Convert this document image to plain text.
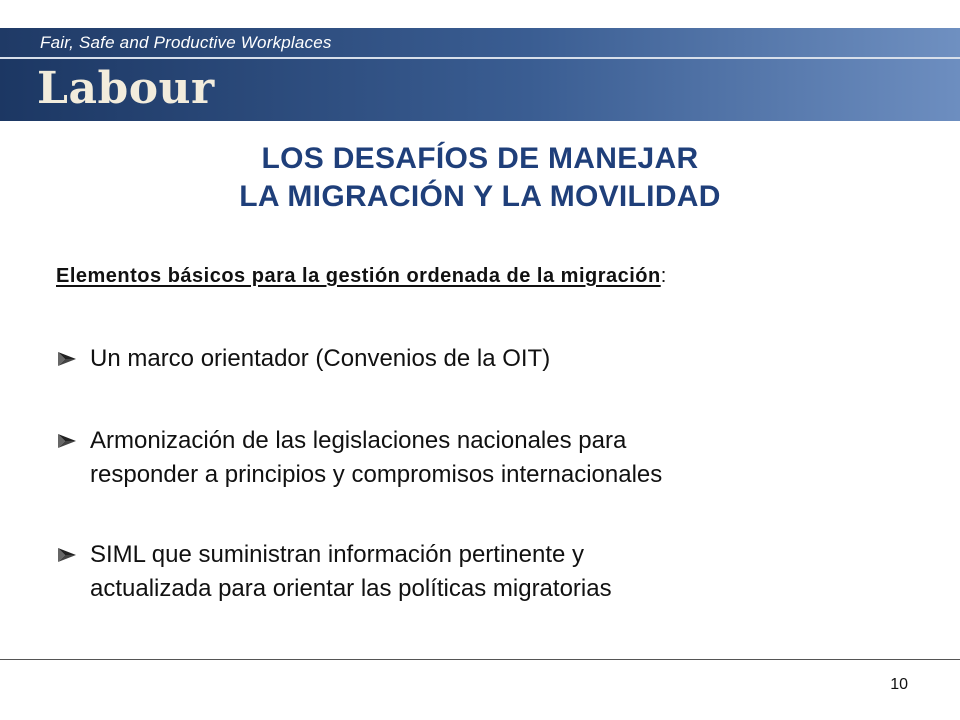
Fair, Safe and Productive Workplaces
Labour
LOS DESAFÍOS DE MANEJAR
LA MIGRACIÓN Y LA MOVILIDAD
Elementos básicos para la gestión ordenada de la migración:
Un marco orientador (Convenios de la OIT)
Armonización de las legislaciones nacionales para
responder a principios y compromisos internacionales
SIML que suministran información pertinente y
actualizada para orientar las políticas migratorias
10
